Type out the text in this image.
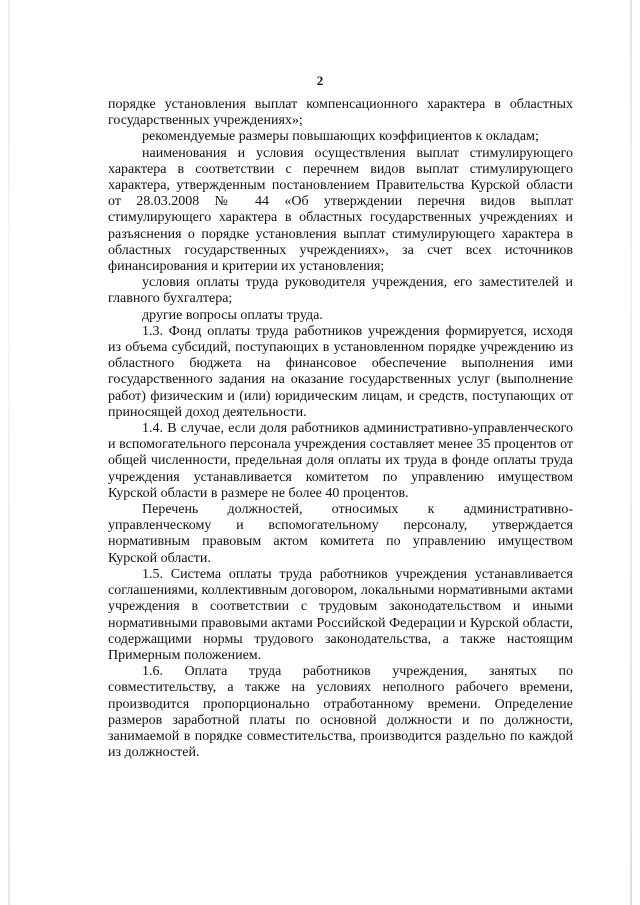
2

порядке установления выплат компенсационного характера в областных государственных учреждениях»;

рекомендуемые размеры повышающих коэффициентов к окладам;

наименования и условия осуществления выплат стимулирующего характера в соответствии с перечнем видов выплат стимулирующего характера, утвержденным постановлением Правительства Курской области от 28.03.2008 № 44 «Об утверждении перечня видов выплат стимулирующего характера в областных государственных учреждениях и разъяснения о порядке установления выплат стимулирующего характера в областных государственных учреждениях», за счет всех источников финансирования и критерии их установления;

условия оплаты труда руководителя учреждения, его заместителей и главного бухгалтера;

другие вопросы оплаты труда.

1.3. Фонд оплаты труда работников учреждения формируется, исходя из объема субсидий, поступающих в установленном порядке учреждению из областного бюджета на финансовое обеспечение выполнения ими государственного задания на оказание государственных услуг (выполнение работ) физическим и (или) юридическим лицам, и средств, поступающих от приносящей доход деятельности.

1.4. В случае, если доля работников административно-управленческого и вспомогательного персонала учреждения составляет менее 35 процентов от общей численности, предельная доля оплаты их труда в фонде оплаты труда учреждения устанавливается комитетом по управлению имуществом Курской области в размере не более 40 процентов.

Перечень должностей, относимых к административно-управленческому и вспомогательному персоналу, утверждается нормативным правовым актом комитета по управлению имуществом Курской области.

1.5. Система оплаты труда работников учреждения устанавливается соглашениями, коллективным договором, локальными нормативными актами учреждения в соответствии с трудовым законодательством и иными нормативными правовыми актами Российской Федерации и Курской области, содержащими нормы трудового законодательства, а также настоящим Примерным положением.

1.6. Оплата труда работников учреждения, занятых по совместительству, а также на условиях неполного рабочего времени, производится пропорционально отработанному времени. Определение размеров заработной платы по основной должности и по должности, занимаемой в порядке совместительства, производится раздельно по каждой из должностей.
